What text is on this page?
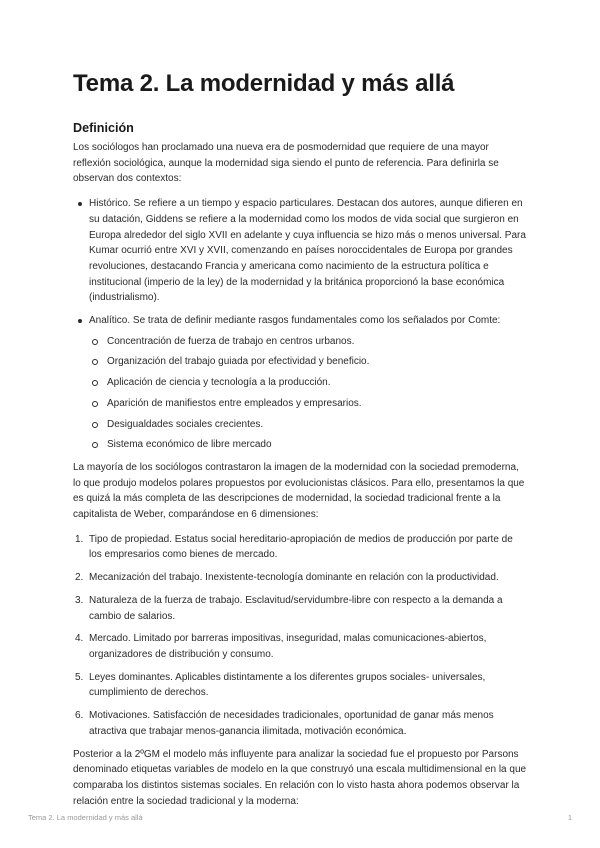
Tema 2. La modernidad y más allá
Definición

Los sociólogos han proclamado una nueva era de posmodernidad que requiere de una mayor reflexión sociológica, aunque la modernidad siga siendo el punto de referencia. Para definirla se observan dos contextos:

Histórico. Se refiere a un tiempo y espacio particulares. Destacan dos autores, aunque difieren en su datación, Giddens se refiere a la modernidad como los modos de vida social que surgieron en Europa alrededor del siglo XVII en adelante y cuya influencia se hizo más o menos universal. Para Kumar ocurrió entre XVI y XVII, comenzando en países noroccidentales de Europa por grandes revoluciones, destacando Francia y americana como nacimiento de la estructura política e institucional (imperio de la ley) de la modernidad y la británica proporcionó la base económica (industrialismo).
Analítico. Se trata de definir mediante rasgos fundamentales como los señalados por Comte:
Concentración de fuerza de trabajo en centros urbanos.
Organización del trabajo guiada por efectividad y beneficio.
Aplicación de ciencia y tecnología a la producción.
Aparición de manifiestos entre empleados y empresarios.
Desigualdades sociales crecientes.
Sistema económico de libre mercado

La mayoría de los sociólogos contrastaron la imagen de la modernidad con la sociedad premoderna, lo que produjo modelos polares propuestos por evolucionistas clásicos. Para ello, presentamos la que es quizá la más completa de las descripciones de modernidad, la sociedad tradicional frente a la capitalista de Weber, comparándose en 6 dimensiones:

1. Tipo de propiedad. Estatus social hereditario-apropiación de medios de producción por parte de los empresarios como bienes de mercado.
2. Mecanización del trabajo. Inexistente-tecnología dominante en relación con la productividad.
3. Naturaleza de la fuerza de trabajo. Esclavitud/servidumbre-libre con respecto a la demanda a cambio de salarios.
4. Mercado. Limitado por barreras impositivas, inseguridad, malas comunicaciones-abiertos, organizadores de distribución y consumo.
5. Leyes dominantes. Aplicables distintamente a los diferentes grupos sociales- universales, cumplimiento de derechos.
6. Motivaciones. Satisfacción de necesidades tradicionales, oportunidad de ganar más menos atractiva que trabajar menos-ganancia ilimitada, motivación económica.

Posterior a la 2ºGM el modelo más influyente para analizar la sociedad fue el propuesto por Parsons denominado etiquetas variables de modelo en la que construyó una escala multidimensional en la que comparaba los distintos sistemas sociales. En relación con lo visto hasta ahora podemos observar la relación entre la sociedad tradicional y la moderna:

Tema 2. La modernidad y más allá	1
